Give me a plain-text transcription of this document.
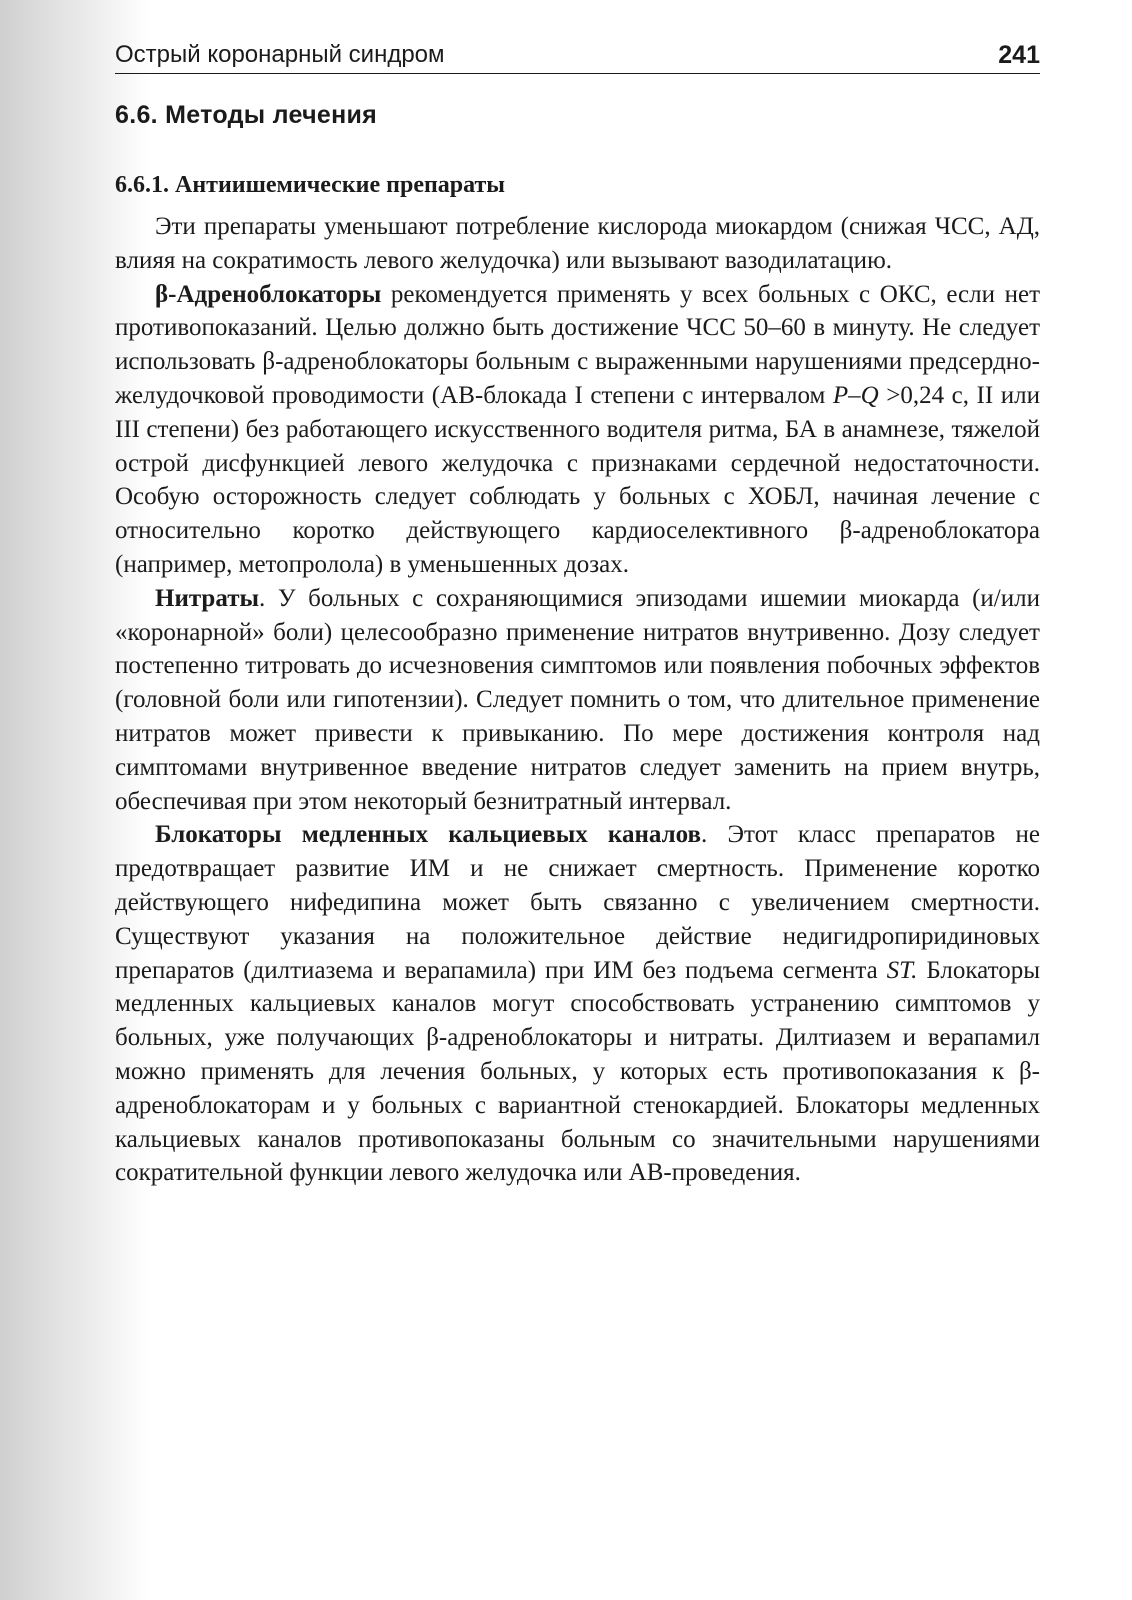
Острый коронарный синдром	241
6.6. Методы лечения
6.6.1. Антиишемические препараты

Эти препараты уменьшают потребление кислорода миокардом (снижая ЧСС, АД, влияя на сократимость левого желудочка) или вызывают вазодилатацию.

β-Адреноблокаторы рекомендуется применять у всех больных с ОКС, если нет противопоказаний. Целью должно быть достижение ЧСС 50–60 в минуту. Не следует использовать β-адреноблокаторы больным с выраженными нарушениями предсердно-желудочковой проводимости (АВ-блокада I степени с интервалом P–Q >0,24 с, II или III степени) без работающего искусственного водителя ритма, БА в анамнезе, тяжелой острой дисфункцией левого желудочка с признаками сердечной недостаточности. Особую осторожность следует соблюдать у больных с ХОБЛ, начиная лечение с относительно коротко действующего кардиоселективного β-адреноблокатора (например, метопролола) в уменьшенных дозах.

Нитраты. У больных с сохраняющимися эпизодами ишемии миокарда (и/или «коронарной» боли) целесообразно применение нитратов внутривенно. Дозу следует постепенно титровать до исчезновения симптомов или появления побочных эффектов (головной боли или гипотензии). Следует помнить о том, что длительное применение нитратов может привести к привыканию. По мере достижения контроля над симптомами внутривенное введение нитратов следует заменить на прием внутрь, обеспечивая при этом некоторый безнитратный интервал.

Блокаторы медленных кальциевых каналов. Этот класс препаратов не предотвращает развитие ИМ и не снижает смертность. Применение коротко действующего нифедипина может быть связанно с увеличением смертности. Существуют указания на положительное действие недигидропиридиновых препаратов (дилтиазема и верапамила) при ИМ без подъема сегмента ST. Блокаторы медленных кальциевых каналов могут способствовать устранению симптомов у больных, уже получающих β-адреноблокаторы и нитраты. Дилтиазем и верапамил можно применять для лечения больных, у которых есть противопоказания к β-адреноблокаторам и у больных с вариантной стенокардией. Блокаторы медленных кальциевых каналов противопоказаны больным со значительными нарушениями сократительной функции левого желудочка или АВ-проведения.
